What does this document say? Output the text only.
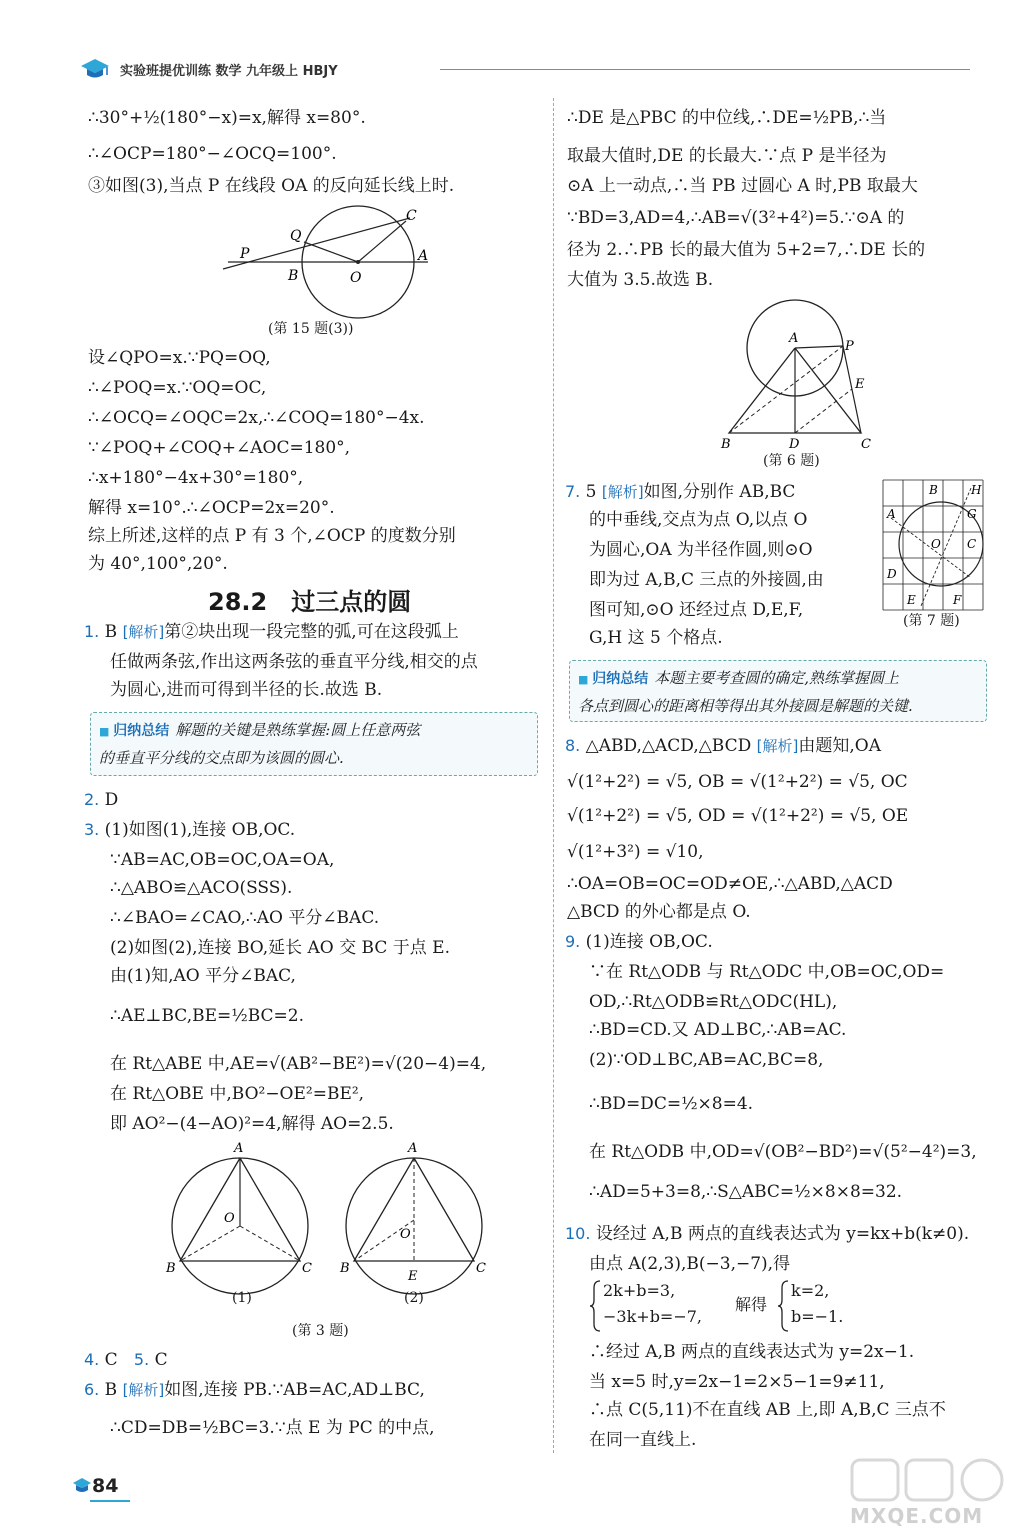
实验班提优训练 数学 九年级上 HBJY
∴30°+½(180°−x)=x,解得 x=80°.
∴∠OCP=180°−∠OCQ=100°.
③如图(3),当点 P 在线段 OA 的反向延长线上时.
P
Q
C
A
B	O
(第 15 题(3))
设∠QPO=x.∵PQ=OQ,
∴∠POQ=x.∵OQ=OC,
∴∠OCQ=∠OQC=2x,∴∠COQ=180°−4x.
∵∠POQ+∠COQ+∠AOC=180°,
∴x+180°−4x+30°=180°,
解得 x=10°.∴∠OCP=2x=20°.
综上所述,这样的点 P 有 3 个,∠OCP 的度数分别
为 40°,100°,20°.
28.2　过三点的圆
1. B [解析]第②块出现一段完整的弧,可在这段弧上
任做两条弦,作出这两条弦的垂直平分线,相交的点
为圆心,进而可得到半径的长.故选 B.
■ 归纳总结 解题的关键是熟练掌握:圆上任意两弦
的垂直平分线的交点即为该圆的圆心.
2. D
3. (1)如图(1),连接 OB,OC.
∵AB=AC,OB=OC,OA=OA,
∴△ABO≌△ACO(SSS).
∴∠BAO=∠CAO,∴AO 平分∠BAC.
(2)如图(2),连接 BO,延长 AO 交 BC 于点 E.
由(1)知,AO 平分∠BAC,
∴AE⊥BC,BE=½BC=2.
在 Rt△ABE 中,AE=√(AB²−BE²)=√(20−4)=4,
在 Rt△OBE 中,BO²−OE²=BE²,
即 AO²−(4−AO)²=4,解得 AO=2.5.
A
O
B	C
A
O
B	C
E
(1)	(2)
(第 3 题)
4. C 5. C
6. B [解析]如图,连接 PB.∵AB=AC,AD⊥BC,
∴CD=DB=½BC=3.∵点 E 为 PC 的中点,
∴DE 是△PBC 的中位线,∴DE=½PB,∴当
取最大值时,DE 的长最大.∵点 P 是半径为
⊙A 上一动点,∴当 PB 过圆心 A 时,PB 取最大
∵BD=3,AD=4,∴AB=√(3²+4²)=5.∵⊙A 的
径为 2.∴PB 长的最大值为 5+2=7,∴DE 长的
大值为 3.5.故选 B.
A
P
E
B	D	C
(第 6 题)
7. 5 [解析]如图,分别作 AB,BC
的中垂线,交点为点 O,以点 O
为圆心,OA 为半径作圆,则⊙O
即为过 A,B,C 三点的外接圆,由
图可知,⊙O 还经过点 D,E,F,
G,H 这 5 个格点.
B	H
A	G
O C
D
E	F
(第 7 题)
■ 归纳总结 本题主要考查圆的确定,熟练掌握圆上
各点到圆心的距离相等得出其外接圆是解题的关键.
8. △ABD,△ACD,△BCD [解析]由题知,OA
√(1²+2²) = √5, OB = √(1²+2²) = √5, OC
√(1²+2²) = √5, OD = √(1²+2²) = √5, OE
√(1²+3²) = √10,
∴OA=OB=OC=OD≠OE,∴△ABD,△ACD
△BCD 的外心都是点 O.
9. (1)连接 OB,OC.
∵在 Rt△ODB 与 Rt△ODC 中,OB=OC,OD=
OD,∴Rt△ODB≌Rt△ODC(HL),
∴BD=CD.又 AD⊥BC,∴AB=AC.
(2)∵OD⊥BC,AB=AC,BC=8,
∴BD=DC=½×8=4.
在 Rt△ODB 中,OD=√(OB²−BD²)=√(5²−4²)=3,
∴AD=5+3=8,∴S△ABC=½×8×8=32.
10. 设经过 A,B 两点的直线表达式为 y=kx+b(k≠0).
由点 A(2,3),B(−3,−7),得
2k+b=3,
−3k+b=−7,
解得
k=2,
b=−1.
∴经过 A,B 两点的直线表达式为 y=2x−1.
当 x=5 时,y=2x−1=2×5−1=9≠11,
∴点 C(5,11)不在直线 AB 上,即 A,B,C 三点不
在同一直线上.
84
MXQE.COM
